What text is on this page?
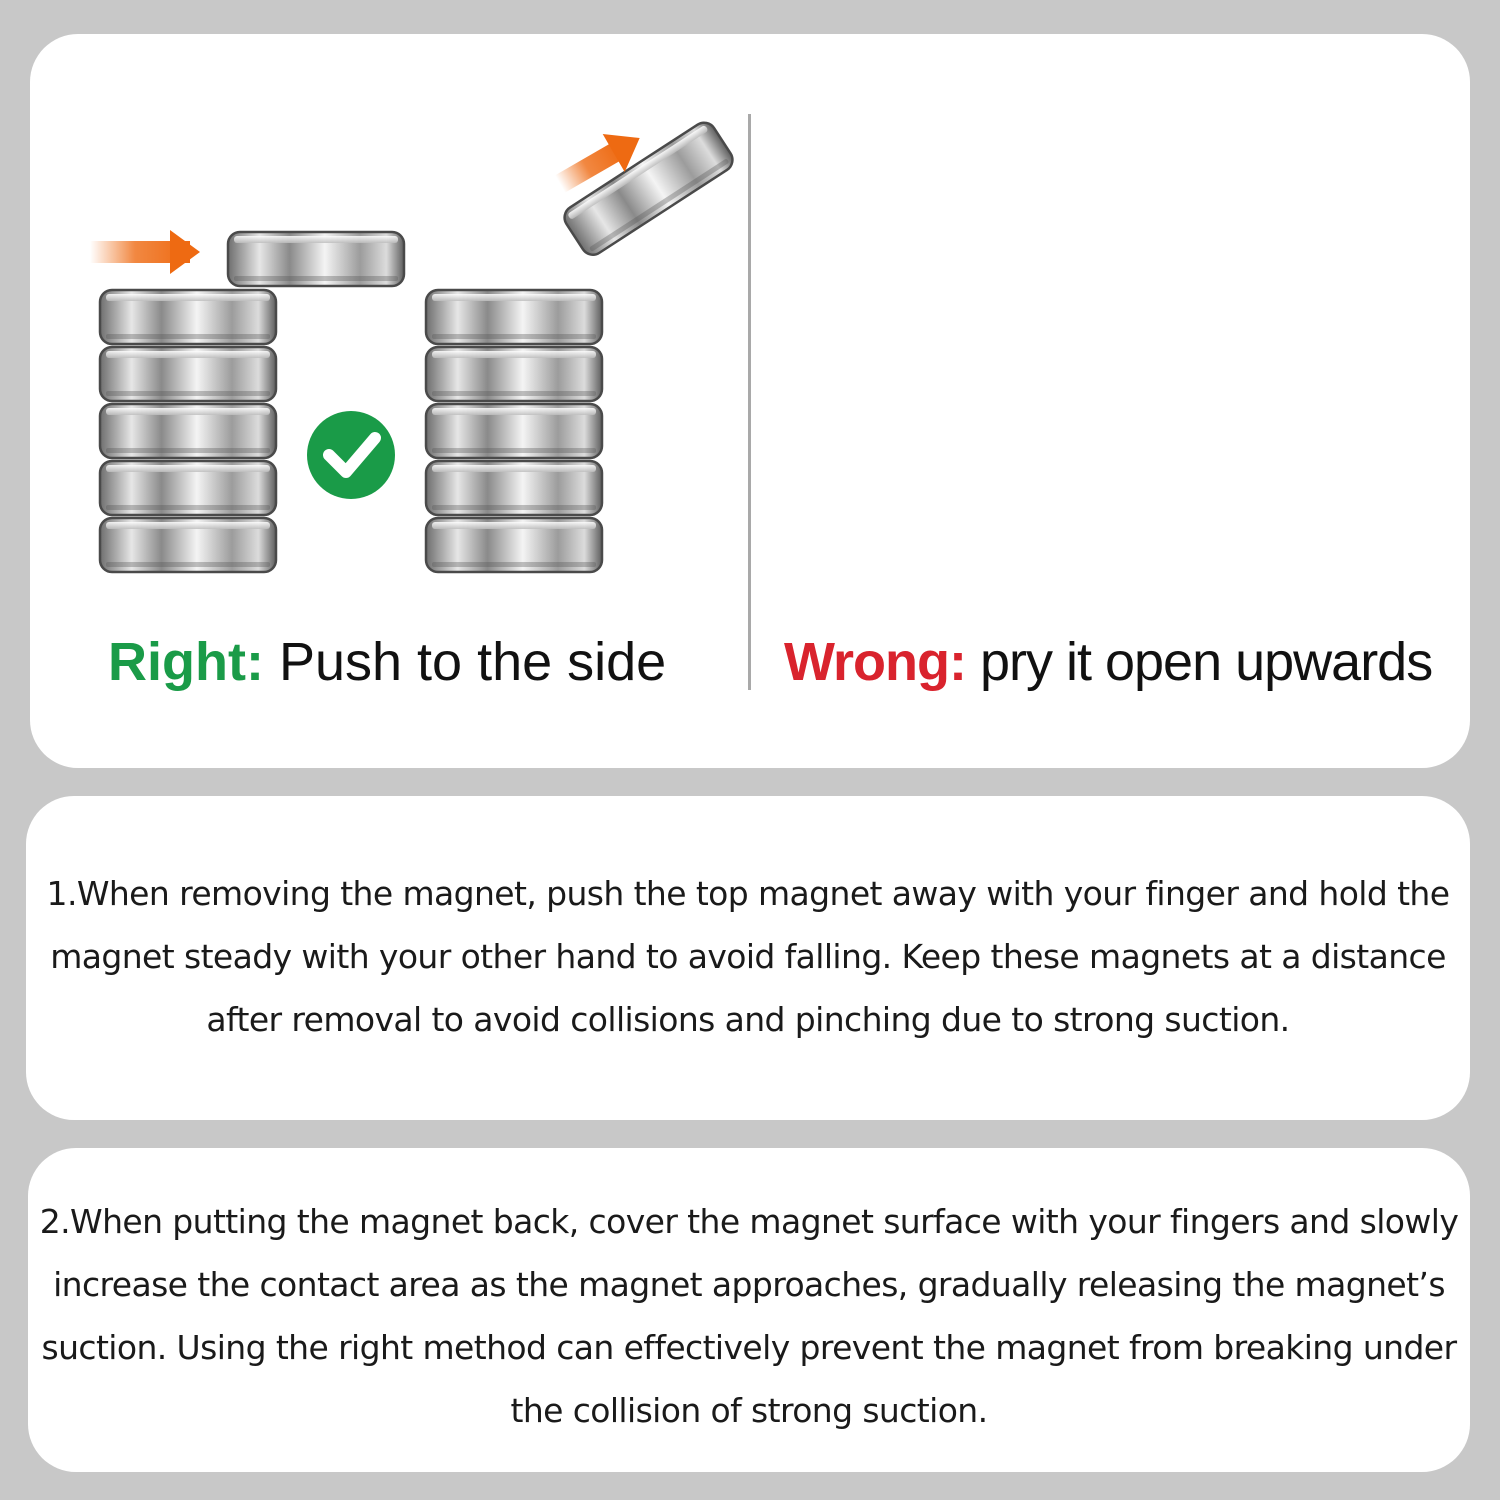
Right: Push to the side Wrong: pry it open upwards
1.When removing the magnet, push the top magnet away with your finger and hold the magnet steady with your other hand to avoid falling. Keep these magnets at a distance after removal to avoid collisions and pinching due to strong suction.
2.When putting the magnet back, cover the magnet surface with your fingers and slowly increase the contact area as the magnet approaches, gradually releasing the magnet’s suction. Using the right method can effectively prevent the magnet from breaking under the collision of strong suction.
